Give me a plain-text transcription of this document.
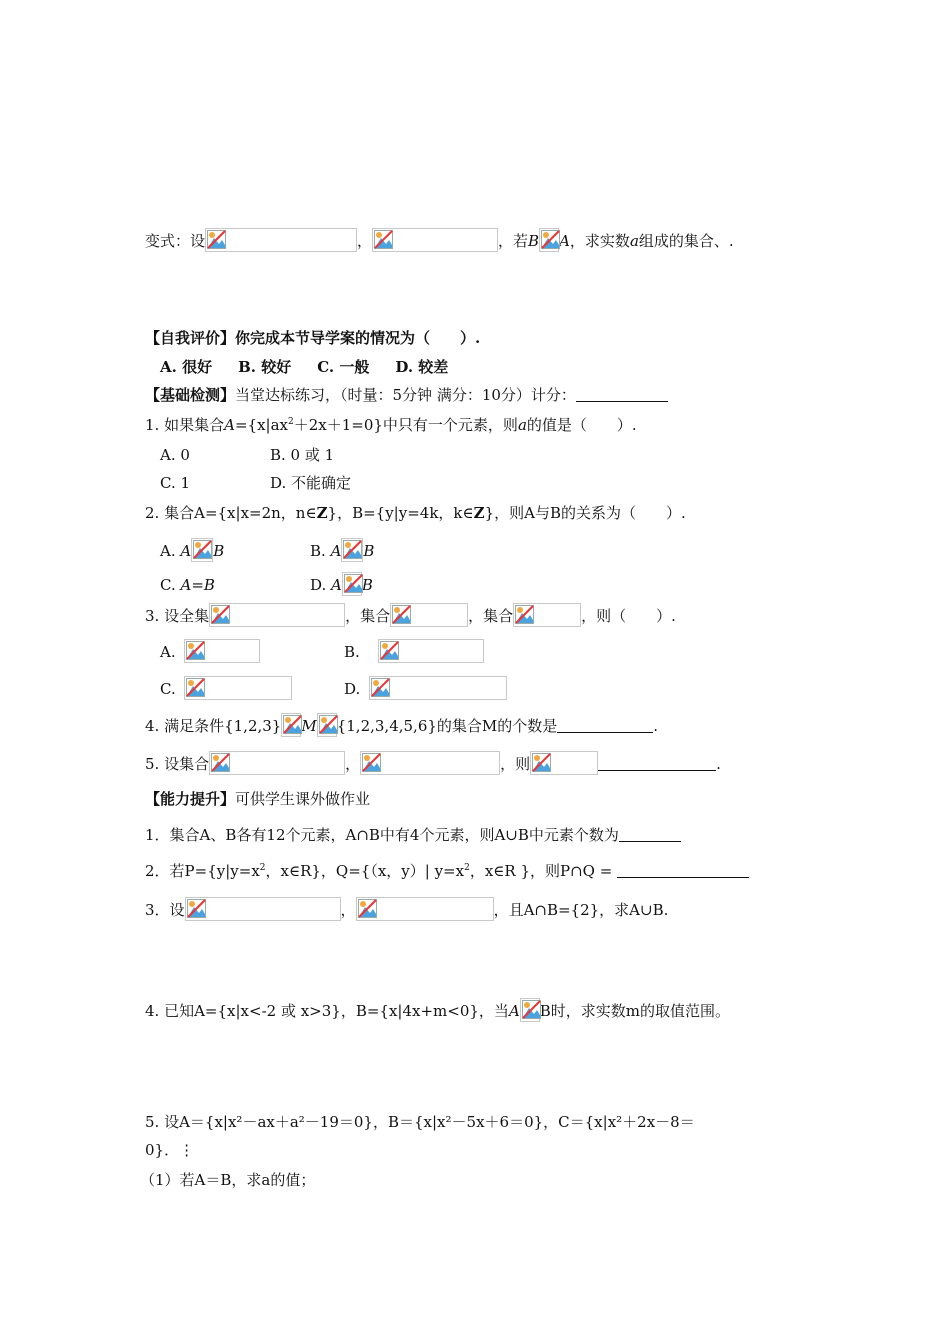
变式：设	，	，若B A，求实数a组成的集合、.
【自我评价】你完成本节导学案的情况为（　　）.
A. 很好 B. 较好 C. 一般 D. 较差
【基础检测】当堂达标练习，（时量：5分钟 满分：10分）计分：
1. 如果集合$A=\{x|ax^2+2x+1=0\}$中只有一个元素，则a的值是（　　）.
A. 0	B. 0 或 1
C. 1	D. 不能确定
2. 集合A={x|x=2n，n∈Z}，B={y|y=4k，k∈Z}，则A与B的关系为（　　）.
A. A B	B. A B
C. A=B	D. A B
3. 设全集	，集合	，集合	，则（　　）.
A.	B.
C.	D.
4. 满足条件{1,2,3} M {1,2,3,4,5,6}的集合M的个数是	.
5. 设集合	，	，则	.
【能力提升】可供学生课外做作业
1．集合A、B各有12个元素，A∩B中有4个元素，则A∪B中元素个数为
2．若$P=\{y|y=x^2$，x∈R}，Q={（x，y）| $y=x^2$，x∈R }，则P∩Q =
3．设	，	，且A∩B={2}，求A∪B.
4. 已知A={x|x<-2 或 x>3}，B={x|4x+m<0}，当A B时，求实数m的取值范围。
5. 设A＝{x|x²－ax＋a²－19＝0}，B＝{x|x²－5x＋6＝0}，C＝{x|x²＋2x－8＝
0}．⋮
（1）若A＝B，求a的值；
